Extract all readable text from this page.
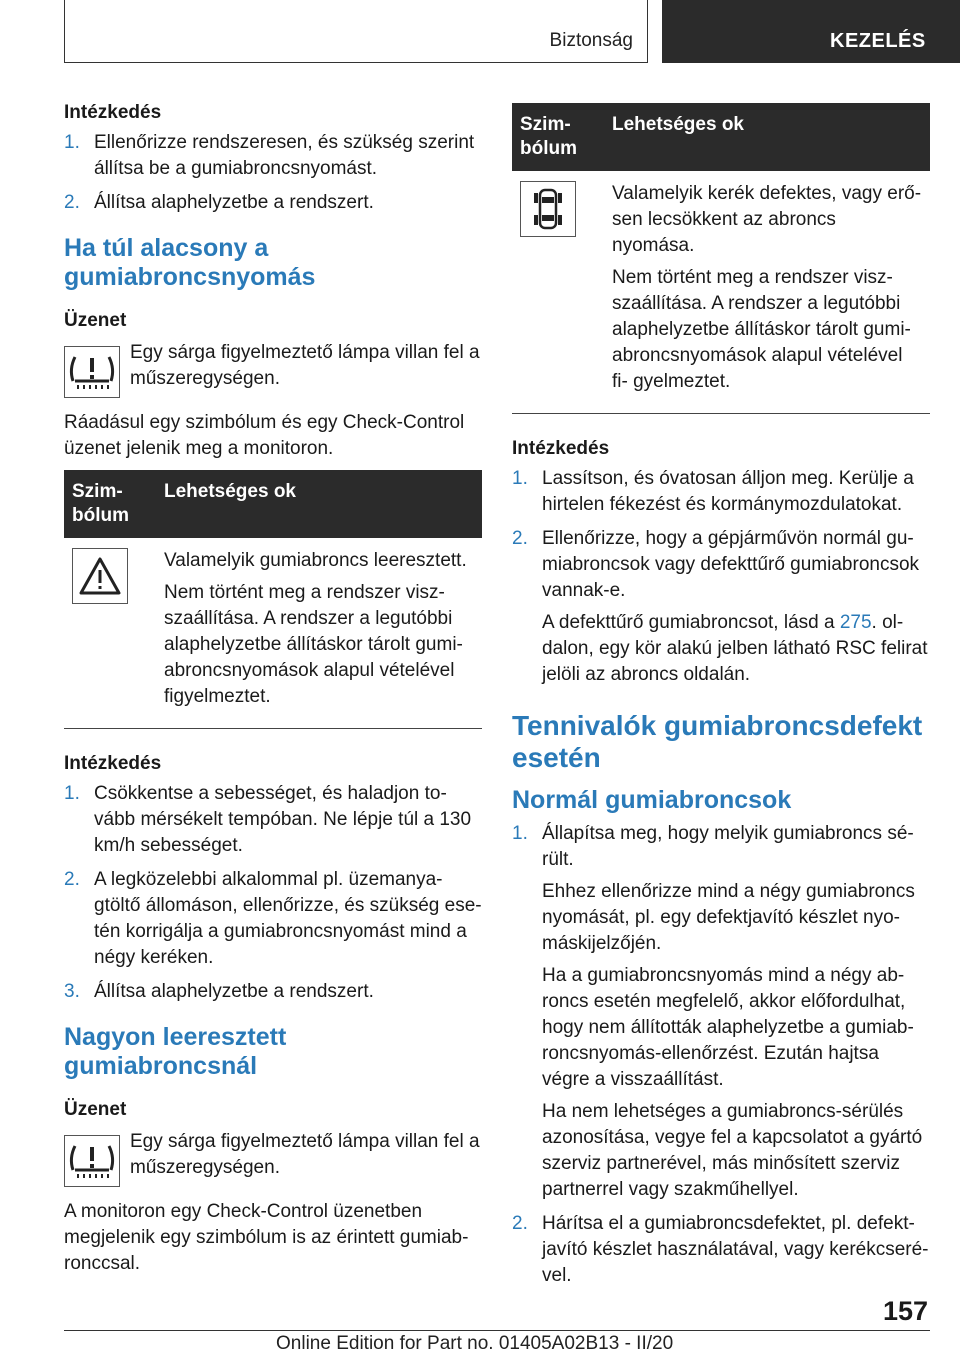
Biztonság	KEZELÉS
Intézkedés
1. Ellenőrizze rendszeresen, és szükség szerint állítsa be a gumiabroncsnyomást.
2. Állítsa alaphelyzetbe a rendszert.
Ha túl alacsony a gumiabroncsnyomás
Üzenet
Egy sárga figyelmeztető lámpa villan fel a műszeregységen.

Ráadásul egy szimbólum és egy Check-Control üzenet jelenik meg a monitoron.

Szim- bólum	Lehetséges ok

Valamelyik gumiabroncs leeresztett.

Nem történt meg a rendszer visz- szaállítása. A rendszer a legutóbbi alaphelyzetbe állításkor tárolt gumi- abroncsnyomások alapul vételével figyelmeztet.

Intézkedés
1. Csökkentse a sebességet, és haladjon to- vább mérsékelt tempóban. Ne lépje túl a 130 km/h sebességet.
2. A legközelebbi alkalommal pl. üzemanya- gtöltő állomáson, ellenőrizze, és szükség ese- tén korrigálja a gumiabroncsnyomást mind a négy keréken.
3. Állítsa alaphelyzetbe a rendszert.
Nagyon leeresztett gumiabroncsnál
Üzenet
Egy sárga figyelmeztető lámpa villan fel a műszeregységen.

A monitoron egy Check-Control üzenetben megjelenik egy szimbólum is az érintett gumiab- ronccsal.

Szim- bólum	Lehetséges ok

Valamelyik kerék defektes, vagy erő- sen lecsökkent az abroncs nyomása.

Nem történt meg a rendszer visz- szaállítása. A rendszer a legutóbbi alaphelyzetbe állításkor tárolt gumi- abroncsnyomások alapul vételével fi- gyelmeztet.

Intézkedés
1. Lassítson, és óvatosan álljon meg. Kerülje a hirtelen fékezést és kormánymozdulatokat.
2. Ellenőrizze, hogy a gépjárművön normál gu- miabroncsok vagy defekttűrő gumiabroncsok vannak-e.
A defekttűrő gumiabroncsot, lásd a 275. ol- dalon, egy kör alakú jelben látható RSC felirat jelöli az abroncs oldalán.
Tennivalók gumiabroncsdefekt esetén
Normál gumiabroncsok
1. Állapítsa meg, hogy melyik gumiabroncs sé- rült.
Ehhez ellenőrizze mind a négy gumiabroncs nyomását, pl. egy defektjavító készlet nyo- máskijelzőjén.
Ha a gumiabroncsnyomás mind a négy ab- roncs esetén megfelelő, akkor előfordulhat, hogy nem állították alaphelyzetbe a gumiab- roncsnyomás-ellenőrzést. Ezután hajtsa végre a visszaállítást.
Ha nem lehetséges a gumiabroncs-sérülés azonosítása, vegye fel a kapcsolatot a gyártó szerviz partnerével, más minősített szerviz partnerrel vagy szakműhellyel.
2. Hárítsa el a gumiabroncsdefektet, pl. defekt- javító készlet használatával, vagy kerékcseré- vel.
157
Online Edition for Part no. 01405A02B13 - II/20
